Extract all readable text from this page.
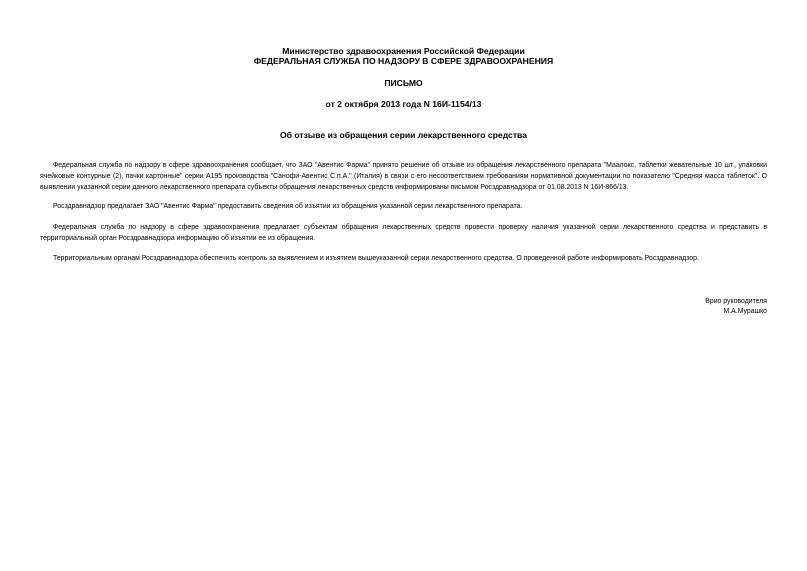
Министерство здравоохранения Российской Федерации
ФЕДЕРАЛЬНАЯ СЛУЖБА ПО НАДЗОРУ В СФЕРЕ ЗДРАВООХРАНЕНИЯ
ПИСЬМО
от 2 октября 2013 года N 16И-1154/13
Об отзыве из обращения серии лекарственного средства

Федеральная служба по надзору в сфере здравоохранения сообщает, что ЗАО "Авентис Фарма" принято решение об отзыве из обращения лекарственного препарата "Маалокс, таблетки жевательные 10 шт., упаковки ячейковые контурные (2), пачки картонные" серии А195 производства "Санофи-Авентис С.п.А." (Италия) в связи с его несоответствием требованиям нормативной документации по показателю "Средняя масса таблеток". О выявлении указанной серии данного лекарственного препарата субъекты обращения лекарственных средств информированы письмом Росздравнадзора от 01.08.2013 N 16И-866/13.

Росздравнадзор предлагает ЗАО "Авентис Фарма" предоставить сведения об изъятии из обращения указанной серии лекарственного препарата.

Федеральная служба по надзору в сфере здравоохранения предлагает субъектам обращения лекарственных средств провести проверку наличия указанной серии лекарственного средства и представить в территориальный орган Росздравнадзора информацию об изъятии ее из обращения.

Территориальным органам Росздравнадзора обеспечить контроль за выявлением и изъятием вышеуказанной серии лекарственного средства. О проведенной работе информировать Росздравнадзор.

Врио руководителя
М.А.Мурашко
